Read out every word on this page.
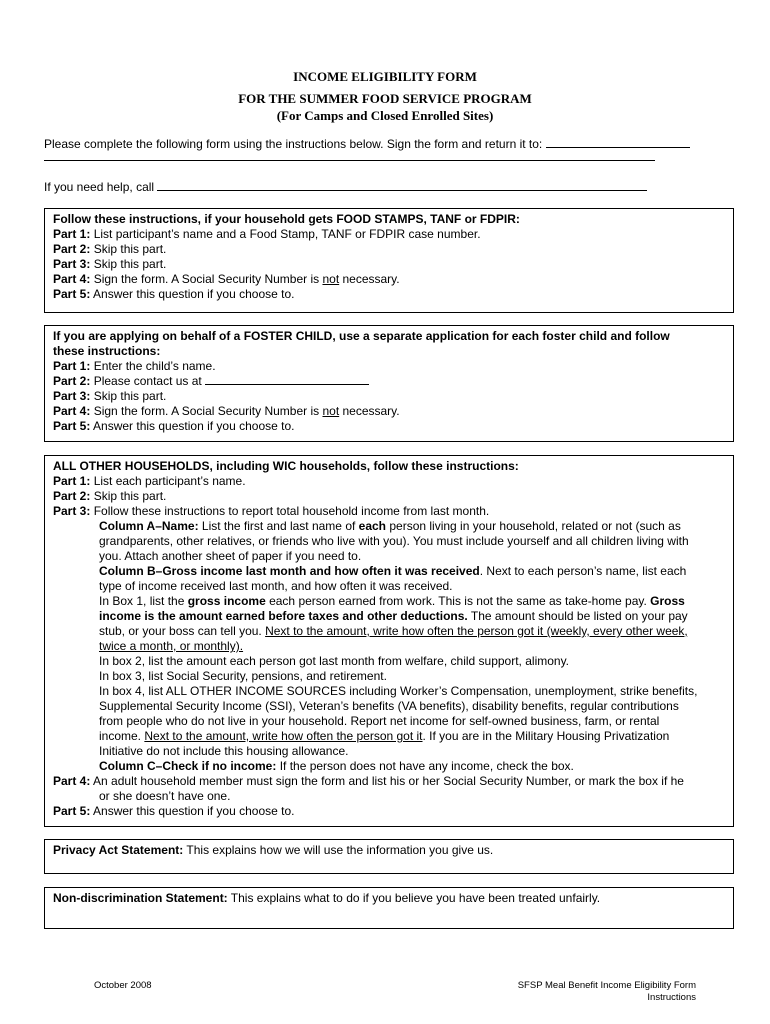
INCOME ELIGIBILITY FORM
FOR THE SUMMER FOOD SERVICE PROGRAM
(For Camps and Closed Enrolled Sites)
Please complete the following form using the instructions below. Sign the form and return it to:
If you need help, call
Follow these instructions, if your household gets FOOD STAMPS, TANF or FDPIR:
Part 1: List participant’s name and a Food Stamp, TANF or FDPIR case number.
Part 2: Skip this part.
Part 3: Skip this part.
Part 4: Sign the form. A Social Security Number is not necessary.
Part 5: Answer this question if you choose to.
If you are applying on behalf of a FOSTER CHILD, use a separate application for each foster child and follow
these instructions:
Part 1: Enter the child’s name.
Part 2: Please contact us at
Part 3: Skip this part.
Part 4: Sign the form. A Social Security Number is not necessary.
Part 5: Answer this question if you choose to.
ALL OTHER HOUSEHOLDS, including WIC households, follow these instructions:
Part 1: List each participant’s name.
Part 2: Skip this part.
Part 3: Follow these instructions to report total household income from last month.
Column A–Name: List the first and last name of each person living in your household, related or not (such as
grandparents, other relatives, or friends who live with you). You must include yourself and all children living with
you. Attach another sheet of paper if you need to.
Column B–Gross income last month and how often it was received. Next to each person’s name, list each
type of income received last month, and how often it was received.
In Box 1, list the gross income each person earned from work. This is not the same as take-home pay. Gross
income is the amount earned before taxes and other deductions. The amount should be listed on your pay
stub, or your boss can tell you. Next to the amount, write how often the person got it (weekly, every other week,
twice a month, or monthly).
In box 2, list the amount each person got last month from welfare, child support, alimony.
In box 3, list Social Security, pensions, and retirement.
In box 4, list ALL OTHER INCOME SOURCES including Worker’s Compensation, unemployment, strike benefits,
Supplemental Security Income (SSI), Veteran’s benefits (VA benefits), disability benefits, regular contributions
from people who do not live in your household. Report net income for self-owned business, farm, or rental
income. Next to the amount, write how often the person got it. If you are in the Military Housing Privatization
Initiative do not include this housing allowance.
Column C–Check if no income: If the person does not have any income, check the box.
Part 4: An adult household member must sign the form and list his or her Social Security Number, or mark the box if he
or she doesn’t have one.
Part 5: Answer this question if you choose to.
Privacy Act Statement: This explains how we will use the information you give us.
Non-discrimination Statement: This explains what to do if you believe you have been treated unfairly.
October 2008	SFSP Meal Benefit Income Eligibility Form
Instructions
